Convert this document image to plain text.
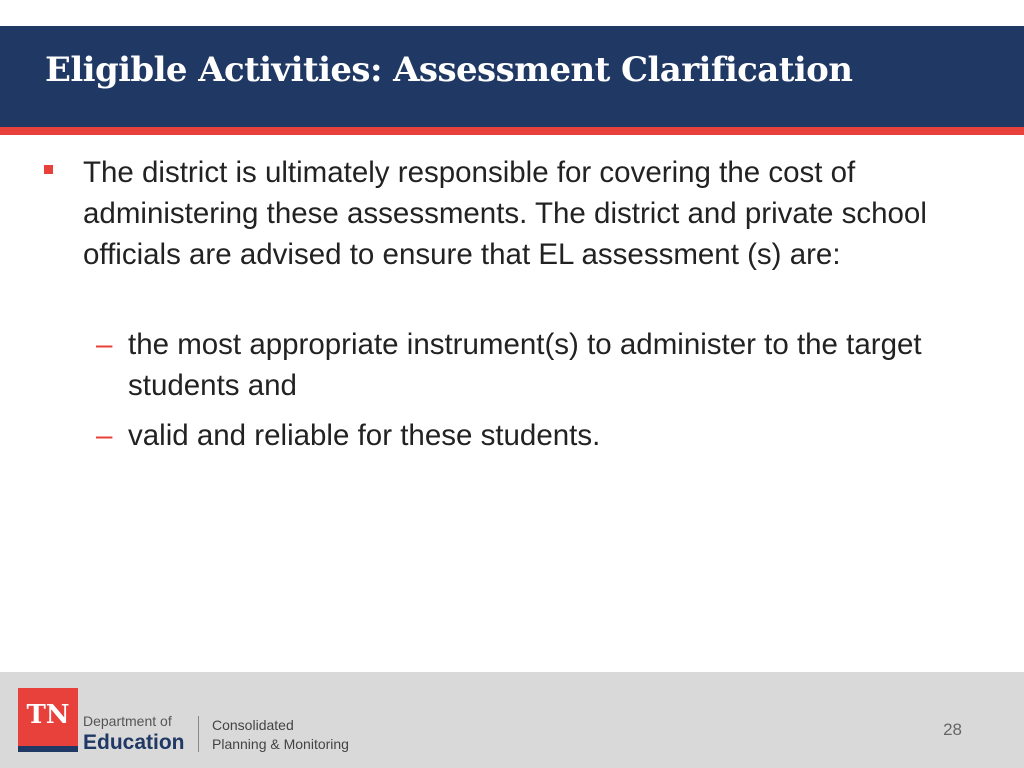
Eligible Activities: Assessment Clarification

The district is ultimately responsible for covering the cost of administering these assessments. The district and private school officials are advised to ensure that EL assessment (s) are:

– the most appropriate instrument(s) to administer to the target students and

– valid and reliable for these students.

TN Department of
Education
Consolidated
Planning & Monitoring
28
